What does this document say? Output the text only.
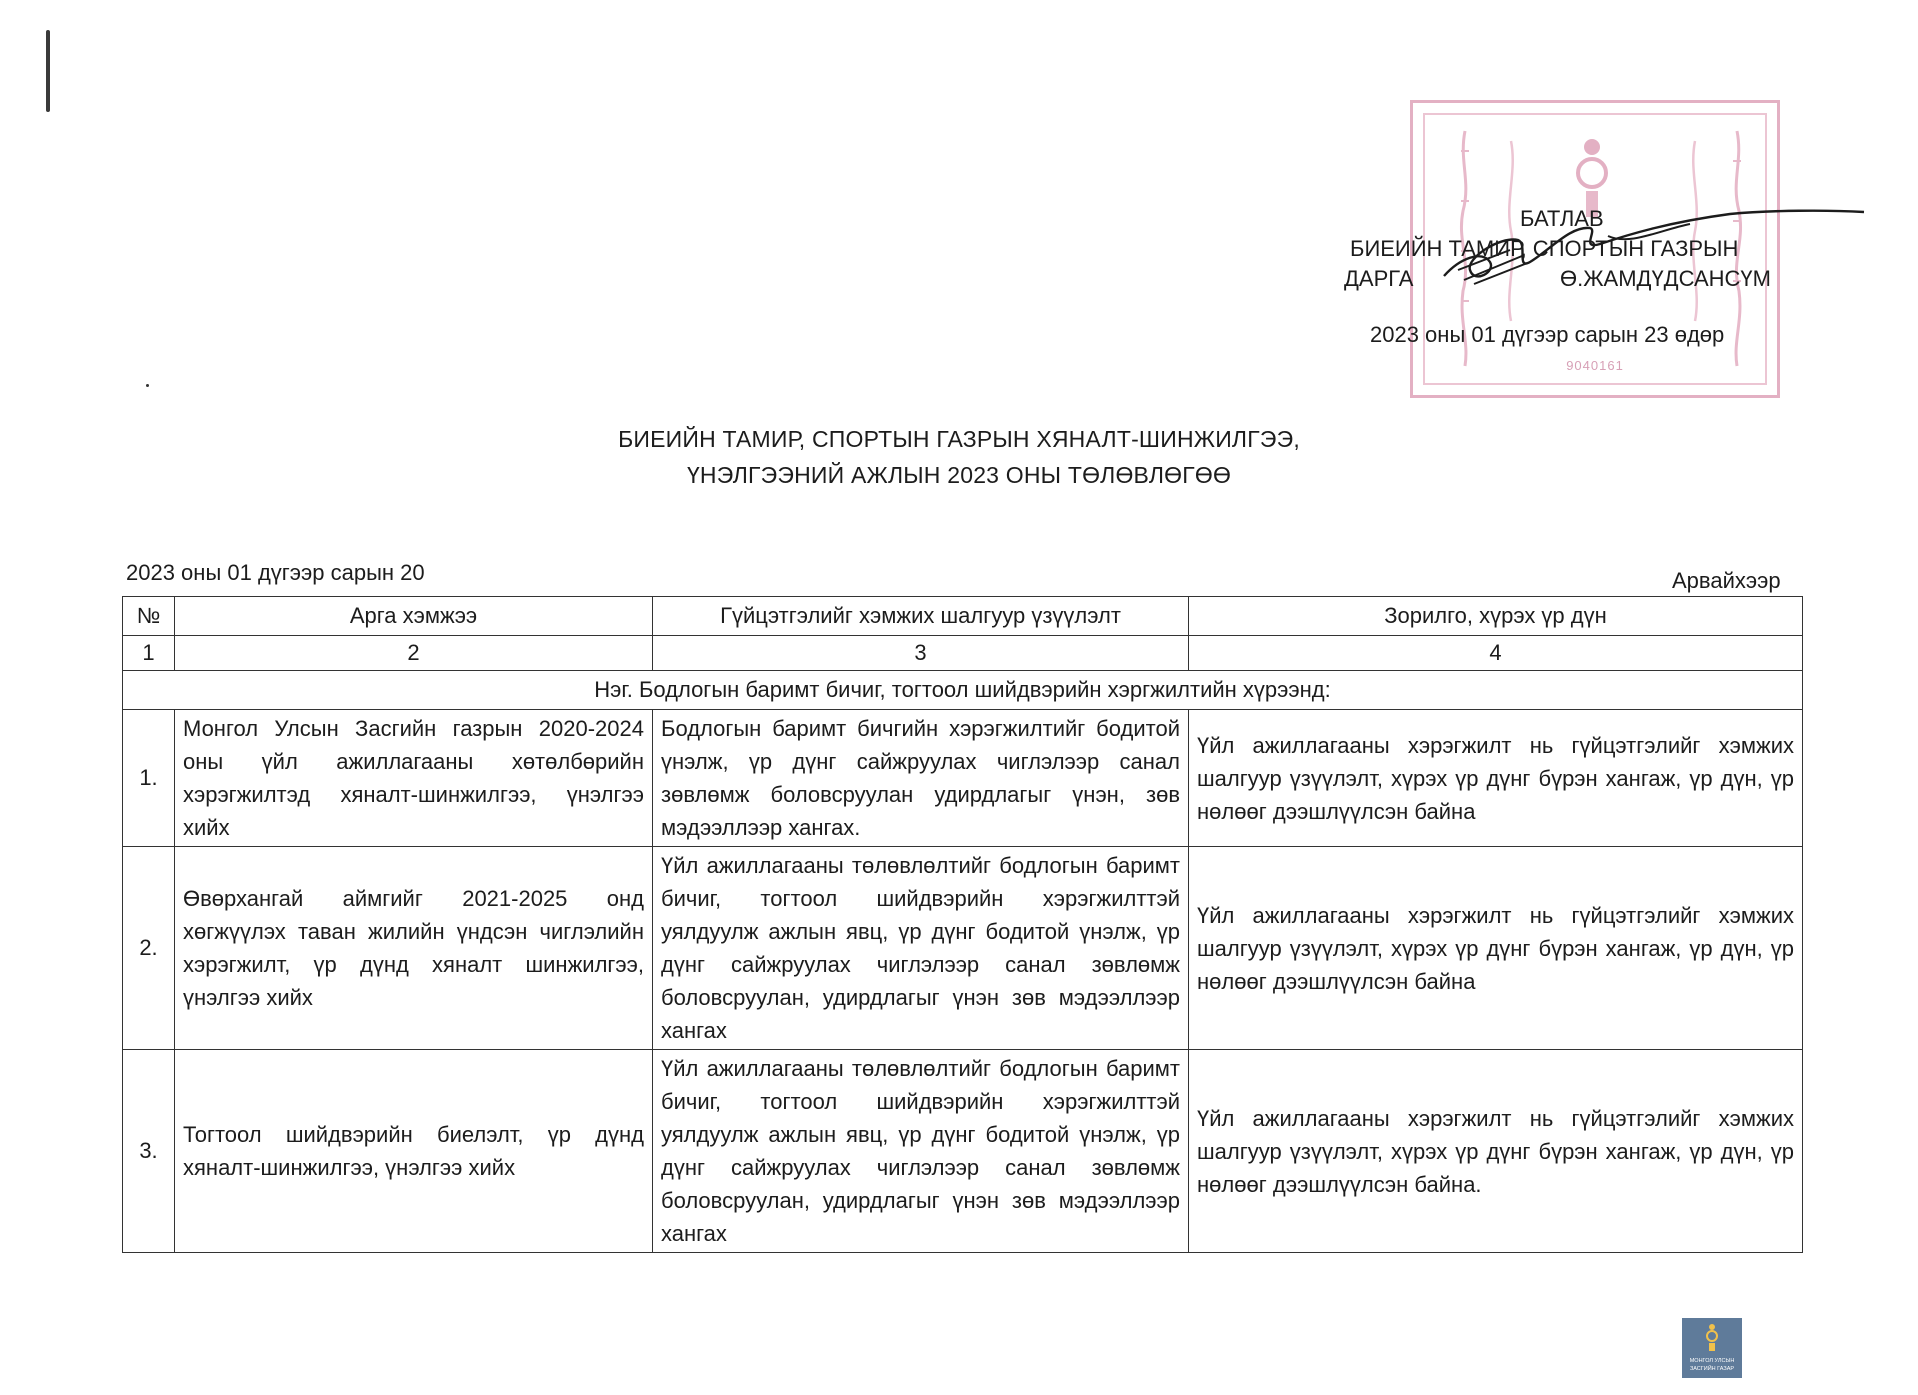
9040161
БАТЛАВ
БИЕИЙН ТАМИР, СПОРТЫН ГАЗРЫН
ДАРГА	Ө.ЖАМДҮДСАНСҮМ
2023 оны 01 дүгээр сарын 23 өдөр
БИЕИЙН ТАМИР, СПОРТЫН ГАЗРЫН ХЯНАЛТ-ШИНЖИЛГЭЭ,
ҮНЭЛГЭЭНИЙ АЖЛЫН 2023 ОНЫ ТӨЛӨВЛӨГӨӨ
2023 оны 01 дүгээр сарын 20	Арвайхээр
№	Арга хэмжээ	Гүйцэтгэлийг хэмжих шалгуур үзүүлэлт	Зорилго, хүрэх үр дүн
1	2	3	4
Нэг. Бодлогын баримт бичиг, тогтоол шийдвэрийн хэргжилтийн хүрээнд:			
1.	Монгол Улсын Засгийн газрын 2020-2024 оны үйл ажиллагааны хөтөлбөрийн хэрэгжилтэд хяналт-шинжилгээ, үнэлгээ хийх	Бодлогын баримт бичгийн хэрэгжилтийг бодитой үнэлж, үр дүнг сайжруулах чиглэлээр санал зөвлөмж боловсруулан удирдлагыг үнэн, зөв мэдээллээр хангах.	Үйл ажиллагааны хэрэгжилт нь гүйцэтгэлийг хэмжих шалгуур үзүүлэлт, хүрэх үр дүнг бүрэн хангаж, үр дүн, үр нөлөөг дээшлүүлсэн байна
2.	Өвөрхангай аймгийг 2021-2025 онд хөгжүүлэх таван жилийн үндсэн чиглэлийн хэрэгжилт, үр дүнд хяналт шинжилгээ, үнэлгээ хийх	Үйл ажиллагааны төлөвлөлтийг бодлогын баримт бичиг, тогтоол шийдвэрийн хэрэгжилттэй уялдуулж ажлын явц, үр дүнг бодитой үнэлж, үр дүнг сайжруулах чиглэлээр санал зөвлөмж боловсруулан, удирдлагыг үнэн зөв мэдээллээр хангах	Үйл ажиллагааны хэрэгжилт нь гүйцэтгэлийг хэмжих шалгуур үзүүлэлт, хүрэх үр дүнг бүрэн хангаж, үр дүн, үр нөлөөг дээшлүүлсэн байна
3.	Тогтоол шийдвэрийн биелэлт, үр дүнд хяналт-шинжилгээ, үнэлгээ хийх	Үйл ажиллагааны төлөвлөлтийг бодлогын баримт бичиг, тогтоол шийдвэрийн хэрэгжилттэй уялдуулж ажлын явц, үр дүнг бодитой үнэлж, үр дүнг сайжруулах чиглэлээр санал зөвлөмж боловсруулан, удирдлагыг үнэн зөв мэдээллээр хангах	Үйл ажиллагааны хэрэгжилт нь гүйцэтгэлийг хэмжих шалгуур үзүүлэлт, хүрэх үр дүнг бүрэн хангаж, үр дүн, үр нөлөөг дээшлүүлсэн байна.
МОНГОЛ УЛСЫН
ЗАСГИЙН ГАЗАР
